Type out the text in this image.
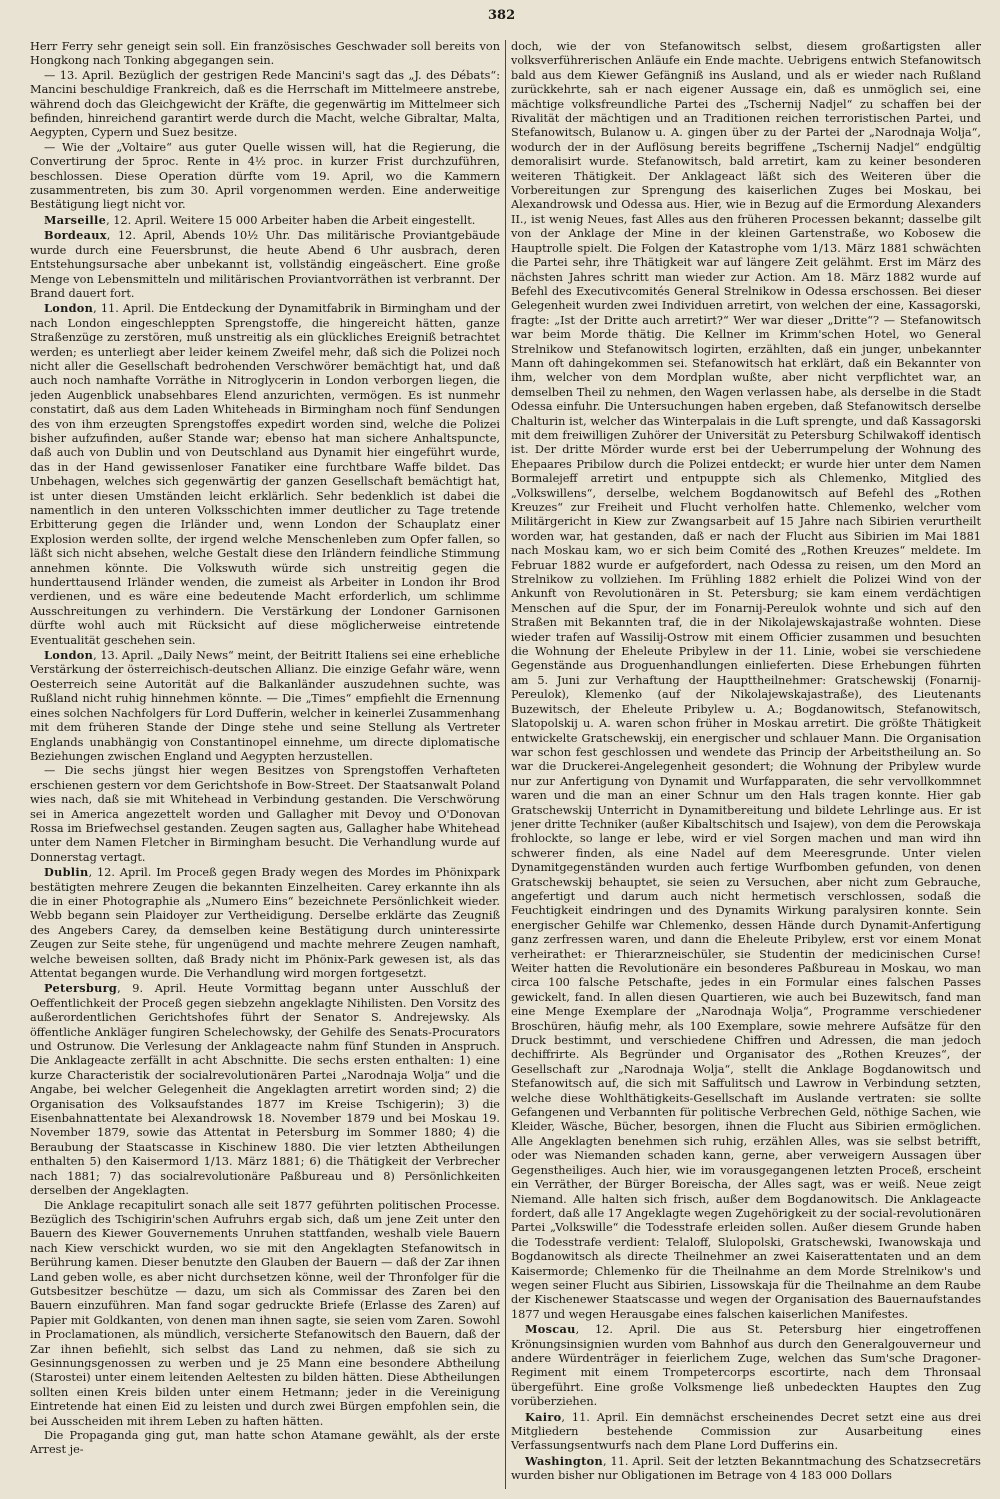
382

Herr Ferry sehr geneigt sein soll. Ein französisches Geschwader soll bereits von Hongkong nach Tonking abgegangen sein.

— 13. April. Bezüglich der gestrigen Rede Mancini's sagt das „J. des Débats“: Mancini beschuldige Frankreich, daß es die Herrschaft im Mittelmeere anstrebe, während doch das Gleichgewicht der Kräfte, die gegenwärtig im Mittelmeer sich befinden, hinreichend garantirt werde durch die Macht, welche Gibraltar, Malta, Aegypten, Cypern und Suez besitze.

— Wie der „Voltaire“ aus guter Quelle wissen will, hat die Regierung, die Convertirung der 5proc. Rente in 4½ proc. in kurzer Frist durchzuführen, beschlossen. Diese Operation dürfte vom 19. April, wo die Kammern zusammentreten, bis zum 30. April vorgenommen werden. Eine anderweitige Bestätigung liegt nicht vor.

Marseille, 12. April. Weitere 15 000 Arbeiter haben die Arbeit eingestellt.

Bordeaux, 12. April, Abends 10½ Uhr. Das militärische Proviantgebäude wurde durch eine Feuersbrunst, die heute Abend 6 Uhr ausbrach, deren Entstehungsursache aber unbekannt ist, vollständig eingeäschert. Eine große Menge von Lebensmitteln und militärischen Proviantvorräthen ist verbrannt. Der Brand dauert fort.

London, 11. April. Die Entdeckung der Dynamitfabrik in Birmingham und der nach London eingeschleppten Sprengstoffe, die hingereicht hätten, ganze Straßenzüge zu zerstören, muß unstreitig als ein glückliches Ereigniß betrachtet werden; es unterliegt aber leider keinem Zweifel mehr, daß sich die Polizei noch nicht aller die Gesellschaft bedrohenden Verschwörer bemächtigt hat, und daß auch noch namhafte Vorräthe in Nitroglycerin in London verborgen liegen, die jeden Augenblick unabsehbares Elend anzurichten, vermögen. Es ist nunmehr constatirt, daß aus dem Laden Whiteheads in Birmingham noch fünf Sendungen des von ihm erzeugten Sprengstoffes expedirt worden sind, welche die Polizei bisher aufzufinden, außer Stande war; ebenso hat man sichere Anhaltspuncte, daß auch von Dublin und von Deutschland aus Dynamit hier eingeführt wurde, das in der Hand gewissenloser Fanatiker eine furchtbare Waffe bildet. Das Unbehagen, welches sich gegenwärtig der ganzen Gesellschaft bemächtigt hat, ist unter diesen Umständen leicht erklärlich. Sehr bedenklich ist dabei die namentlich in den unteren Volksschichten immer deutlicher zu Tage tretende Erbitterung gegen die Irländer und, wenn London der Schauplatz einer Explosion werden sollte, der irgend welche Menschenleben zum Opfer fallen, so läßt sich nicht absehen, welche Gestalt diese den Irländern feindliche Stimmung annehmen könnte. Die Volkswuth würde sich unstreitig gegen die hunderttausend Irländer wenden, die zumeist als Arbeiter in London ihr Brod verdienen, und es wäre eine bedeutende Macht erforderlich, um schlimme Ausschreitungen zu verhindern. Die Verstärkung der Londoner Garnisonen dürfte wohl auch mit Rücksicht auf diese möglicherweise eintretende Eventualität geschehen sein.

London, 13. April. „Daily News“ meint, der Beitritt Italiens sei eine erhebliche Verstärkung der österreichisch-deutschen Allianz. Die einzige Gefahr wäre, wenn Oesterreich seine Autorität auf die Balkanländer auszudehnen suchte, was Rußland nicht ruhig hinnehmen könnte. — Die „Times“ empfiehlt die Ernennung eines solchen Nachfolgers für Lord Dufferin, welcher in keinerlei Zusammenhang mit dem früheren Stande der Dinge stehe und seine Stellung als Vertreter Englands unabhängig von Constantinopel einnehme, um directe diplomatische Beziehungen zwischen England und Aegypten herzustellen.

— Die sechs jüngst hier wegen Besitzes von Sprengstoffen Verhafteten erschienen gestern vor dem Gerichtshofe in Bow-Street. Der Staatsanwalt Poland wies nach, daß sie mit Whitehead in Verbindung gestanden. Die Verschwörung sei in America angezettelt worden und Gallagher mit Devoy und O'Donovan Rossa im Briefwechsel gestanden. Zeugen sagten aus, Gallagher habe Whitehead unter dem Namen Fletcher in Birmingham besucht. Die Verhandlung wurde auf Donnerstag vertagt.

Dublin, 12. April. Im Proceß gegen Brady wegen des Mordes im Phönixpark bestätigten mehrere Zeugen die bekannten Einzelheiten. Carey erkannte ihn als die in einer Photographie als „Numero Eins“ bezeichnete Persönlichkeit wieder. Webb begann sein Plaidoyer zur Vertheidigung. Derselbe erklärte das Zeugniß des Angebers Carey, da demselben keine Bestätigung durch uninteressirte Zeugen zur Seite stehe, für ungenügend und machte mehrere Zeugen namhaft, welche beweisen sollten, daß Brady nicht im Phönix-Park gewesen ist, als das Attentat begangen wurde. Die Verhandlung wird morgen fortgesetzt.

Petersburg, 9. April. Heute Vormittag begann unter Ausschluß der Oeffentlichkeit der Proceß gegen siebzehn angeklagte Nihilisten. Den Vorsitz des außerordentlichen Gerichtshofes führt der Senator S. Andrejewsky. Als öffentliche Ankläger fungiren Schelechowsky, der Gehilfe des Senats-Procurators und Ostrunow. Die Verlesung der Anklageacte nahm fünf Stunden in Anspruch. Die Anklageacte zerfällt in acht Abschnitte. Die sechs ersten enthalten: 1) eine kurze Characteristik der socialrevolutionären Partei „Narodnaja Wolja“ und die Angabe, bei welcher Gelegenheit die Angeklagten arretirt worden sind; 2) die Organisation des Volksaufstandes 1877 im Kreise Tschigerin); 3) die Eisenbahnattentate bei Alexandrowsk 18. November 1879 und bei Moskau 19. November 1879, sowie das Attentat in Petersburg im Sommer 1880; 4) die Beraubung der Staatscasse in Kischinew 1880. Die vier letzten Abtheilungen enthalten 5) den Kaisermord 1/13. März 1881; 6) die Thätigkeit der Verbrecher nach 1881; 7) das socialrevolutionäre Paßbureau und 8) Persönlichkeiten derselben der Angeklagten.

Die Anklage recapitulirt sonach alle seit 1877 geführten politischen Processe. Bezüglich des Tschigirin'schen Aufruhrs ergab sich, daß um jene Zeit unter den Bauern des Kiewer Gouvernements Unruhen stattfanden, weshalb viele Bauern nach Kiew verschickt wurden, wo sie mit den Angeklagten Stefanowitsch in Berührung kamen. Dieser benutzte den Glauben der Bauern — daß der Zar ihnen Land geben wolle, es aber nicht durchsetzen könne, weil der Thronfolger für die Gutsbesitzer beschütze — dazu, um sich als Commissar des Zaren bei den Bauern einzuführen. Man fand sogar gedruckte Briefe (Erlasse des Zaren) auf Papier mit Goldkanten, von denen man ihnen sagte, sie seien vom Zaren. Sowohl in Proclamationen, als mündlich, versicherte Stefanowitsch den Bauern, daß der Zar ihnen befiehlt, sich selbst das Land zu nehmen, daß sie sich zu Gesinnungsgenossen zu werben und je 25 Mann eine besondere Abtheilung (Starostei) unter einem leitenden Aeltesten zu bilden hätten. Diese Abtheilungen sollten einen Kreis bilden unter einem Hetmann; jeder in die Vereinigung Eintretende hat einen Eid zu leisten und durch zwei Bürgen empfohlen sein, die bei Ausscheiden mit ihrem Leben zu haften hätten.

Die Propaganda ging gut, man hatte schon Atamane gewählt, als der erste Arrest je-

doch, wie der von Stefanowitsch selbst, diesem großartigsten aller volksverführerischen Anläufe ein Ende machte. Uebrigens entwich Stefanowitsch bald aus dem Kiewer Gefängniß ins Ausland, und als er wieder nach Rußland zurückkehrte, sah er nach eigener Aussage ein, daß es unmöglich sei, eine mächtige volksfreundliche Partei des „Tschernij Nadjel“ zu schaffen bei der Rivalität der mächtigen und an Traditionen reichen terroristischen Partei, und Stefanowitsch, Bulanow u. A. gingen über zu der Partei der „Narodnaja Wolja“, wodurch der in der Auflösung bereits begriffene „Tschernij Nadjel“ endgültig demoralisirt wurde. Stefanowitsch, bald arretirt, kam zu keiner besonderen weiteren Thätigkeit. Der Anklageact läßt sich des Weiteren über die Vorbereitungen zur Sprengung des kaiserlichen Zuges bei Moskau, bei Alexandrowsk und Odessa aus. Hier, wie in Bezug auf die Ermordung Alexanders II., ist wenig Neues, fast Alles aus den früheren Processen bekannt; dasselbe gilt von der Anklage der Mine in der kleinen Gartenstraße, wo Kobosew die Hauptrolle spielt. Die Folgen der Katastrophe vom 1/13. März 1881 schwächten die Partei sehr, ihre Thätigkeit war auf längere Zeit gelähmt. Erst im März des nächsten Jahres schritt man wieder zur Action. Am 18. März 1882 wurde auf Befehl des Executivcomités General Strelnikow in Odessa erschossen. Bei dieser Gelegenheit wurden zwei Individuen arretirt, von welchen der eine, Kassagorski, fragte: „Ist der Dritte auch arretirt?“ Wer war dieser „Dritte“? — Stefanowitsch war beim Morde thätig. Die Kellner im Krimm'schen Hotel, wo General Strelnikow und Stefanowitsch logirten, erzählten, daß ein junger, unbekannter Mann oft dahingekommen sei. Stefanowitsch hat erklärt, daß ein Bekannter von ihm, welcher von dem Mordplan wußte, aber nicht verpflichtet war, an demselben Theil zu nehmen, den Wagen verlassen habe, als derselbe in die Stadt Odessa einfuhr. Die Untersuchungen haben ergeben, daß Stefanowitsch derselbe Chalturin ist, welcher das Winterpalais in die Luft sprengte, und daß Kassagorski mit dem freiwilligen Zuhörer der Universität zu Petersburg Schilwakoff identisch ist. Der dritte Mörder wurde erst bei der Ueberrumpelung der Wohnung des Ehepaares Pribilow durch die Polizei entdeckt; er wurde hier unter dem Namen Bormalejeff arretirt und entpuppte sich als Chlemenko, Mitglied des „Volkswillens“, derselbe, welchem Bogdanowitsch auf Befehl des „Rothen Kreuzes“ zur Freiheit und Flucht verholfen hatte. Chlemenko, welcher vom Militärgericht in Kiew zur Zwangsarbeit auf 15 Jahre nach Sibirien verurtheilt worden war, hat gestanden, daß er nach der Flucht aus Sibirien im Mai 1881 nach Moskau kam, wo er sich beim Comité des „Rothen Kreuzes“ meldete. Im Februar 1882 wurde er aufgefordert, nach Odessa zu reisen, um den Mord an Strelnikow zu vollziehen. Im Frühling 1882 erhielt die Polizei Wind von der Ankunft von Revolutionären in St. Petersburg; sie kam einem verdächtigen Menschen auf die Spur, der im Fonarnij-Pereulok wohnte und sich auf den Straßen mit Bekannten traf, die in der Nikolajewskajastraße wohnten. Diese wieder trafen auf Wassilij-Ostrow mit einem Officier zusammen und besuchten die Wohnung der Eheleute Pribylew in der 11. Linie, wobei sie verschiedene Gegenstände aus Droguenhandlungen einlieferten. Diese Erhebungen führten am 5. Juni zur Verhaftung der Haupttheilnehmer: Gratschewskij (Fonarnij-Pereulok), Klemenko (auf der Nikolajewskajastraße), des Lieutenants Buzewitsch, der Eheleute Pribylew u. A.; Bogdanowitsch, Stefanowitsch, Slatopolskij u. A. waren schon früher in Moskau arretirt. Die größte Thätigkeit entwickelte Gratschewskij, ein energischer und schlauer Mann. Die Organisation war schon fest geschlossen und wendete das Princip der Arbeitstheilung an. So war die Druckerei-Angelegenheit gesondert; die Wohnung der Pribylew wurde nur zur Anfertigung von Dynamit und Wurfapparaten, die sehr vervollkommnet waren und die man an einer Schnur um den Hals tragen konnte. Hier gab Gratschewskij Unterricht in Dynamitbereitung und bildete Lehrlinge aus. Er ist jener dritte Techniker (außer Kibaltschitsch und Isajew), von dem die Perowskaja frohlockte, so lange er lebe, wird er viel Sorgen machen und man wird ihn schwerer finden, als eine Nadel auf dem Meeresgrunde. Unter vielen Dynamitgegenständen wurden auch fertige Wurfbomben gefunden, von denen Gratschewskij behauptet, sie seien zu Versuchen, aber nicht zum Gebrauche, angefertigt und darum auch nicht hermetisch verschlossen, sodaß die Feuchtigkeit eindringen und des Dynamits Wirkung paralysiren konnte. Sein energischer Gehilfe war Chlemenko, dessen Hände durch Dynamit-Anfertigung ganz zerfressen waren, und dann die Eheleute Pribylew, erst vor einem Monat verheirathet: er Thierarzneischüler, sie Studentin der medicinischen Curse! Weiter hatten die Revolutionäre ein besonderes Paßbureau in Moskau, wo man circa 100 falsche Petschafte, jedes in ein Formular eines falschen Passes gewickelt, fand. In allen diesen Quartieren, wie auch bei Buzewitsch, fand man eine Menge Exemplare der „Narodnaja Wolja“, Programme verschiedener Broschüren, häufig mehr, als 100 Exemplare, sowie mehrere Aufsätze für den Druck bestimmt, und verschiedene Chiffren und Adressen, die man jedoch dechiffrirte. Als Begründer und Organisator des „Rothen Kreuzes“, der Gesellschaft zur „Narodnaja Wolja“, stellt die Anklage Bogdanowitsch und Stefanowitsch auf, die sich mit Saffulitsch und Lawrow in Verbindung setzten, welche diese Wohlthätigkeits-Gesellschaft im Auslande vertraten: sie sollte Gefangenen und Verbannten für politische Verbrechen Geld, nöthige Sachen, wie Kleider, Wäsche, Bücher, besorgen, ihnen die Flucht aus Sibirien ermöglichen. Alle Angeklagten benehmen sich ruhig, erzählen Alles, was sie selbst betrifft, oder was Niemanden schaden kann, gerne, aber verweigern Aussagen über Gegenstheiliges. Auch hier, wie im vorausgegangenen letzten Proceß, erscheint ein Verräther, der Bürger Boreischa, der Alles sagt, was er weiß. Neue zeigt Niemand. Alle halten sich frisch, außer dem Bogdanowitsch. Die Anklageacte fordert, daß alle 17 Angeklagte wegen Zugehörigkeit zu der social-revolutionären Partei „Volkswille“ die Todesstrafe erleiden sollen. Außer diesem Grunde haben die Todesstrafe verdient: Telaloff, Slulopolski, Gratschewski, Iwanowskaja und Bogdanowitsch als directe Theilnehmer an zwei Kaiserattentaten und an dem Kaisermorde; Chlemenko für die Theilnahme an dem Morde Strelnikow's und wegen seiner Flucht aus Sibirien, Lissowskaja für die Theilnahme an dem Raube der Kischenewer Staatscasse und wegen der Organisation des Bauernaufstandes 1877 und wegen Herausgabe eines falschen kaiserlichen Manifestes.

Moscau, 12. April. Die aus St. Petersburg hier eingetroffenen Krönungsinsignien wurden vom Bahnhof aus durch den Generalgouverneur und andere Würdenträger in feierlichem Zuge, welchen das Sum'sche Dragoner-Regiment mit einem Trompetercorps escortirte, nach dem Thronsaal übergeführt. Eine große Volksmenge ließ unbedeckten Hauptes den Zug vorüberziehen.

Kairo, 11. April. Ein demnächst erscheinendes Decret setzt eine aus drei Mitgliedern bestehende Commission zur Ausarbeitung eines Verfassungsentwurfs nach dem Plane Lord Dufferins ein.

Washington, 11. April. Seit der letzten Bekanntmachung des Schatzsecretärs wurden bisher nur Obligationen im Betrage von 4 183 000 Dollars
